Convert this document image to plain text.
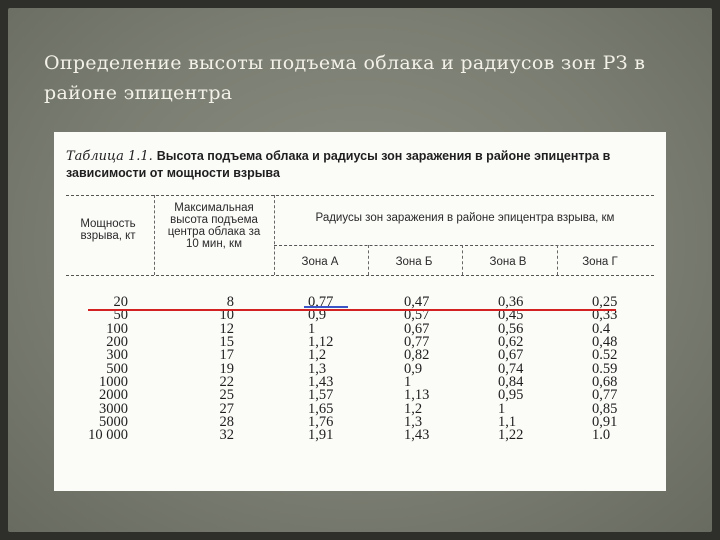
Определение высоты подъема облака и радиусов зон РЗ в районе эпицентра
Таблица 1.1. Высота подъема облака и радиусы зон заражения в районе эпицентра в зависимости от мощности взрыва
Мощность взрыва, кт
Максимальная высота подъема центра облака за 10 мин, км
Радиусы зон заражения в районе эпицентра взрыва, км
Зона А	Зона Б	Зона В	Зона Г
20	8	0,77	0,47	0,36	0,25
50	10	0,9	0,57	0,45	0,33
100	12	1	0,67	0,56	0.4
200	15	1,12	0,77	0,62	0,48
300	17	1,2	0,82	0,67	0.52
500	19	1,3	0,9	0,74	0.59
1000	22	1,43	1	0,84	0,68
2000	25	1,57	1,13	0,95	0,77
3000	27	1,65	1,2	1	0,85
5000	28	1,76	1,3	1,1	0,91
10 000	32	1,91	1,43	1,22	1.0
